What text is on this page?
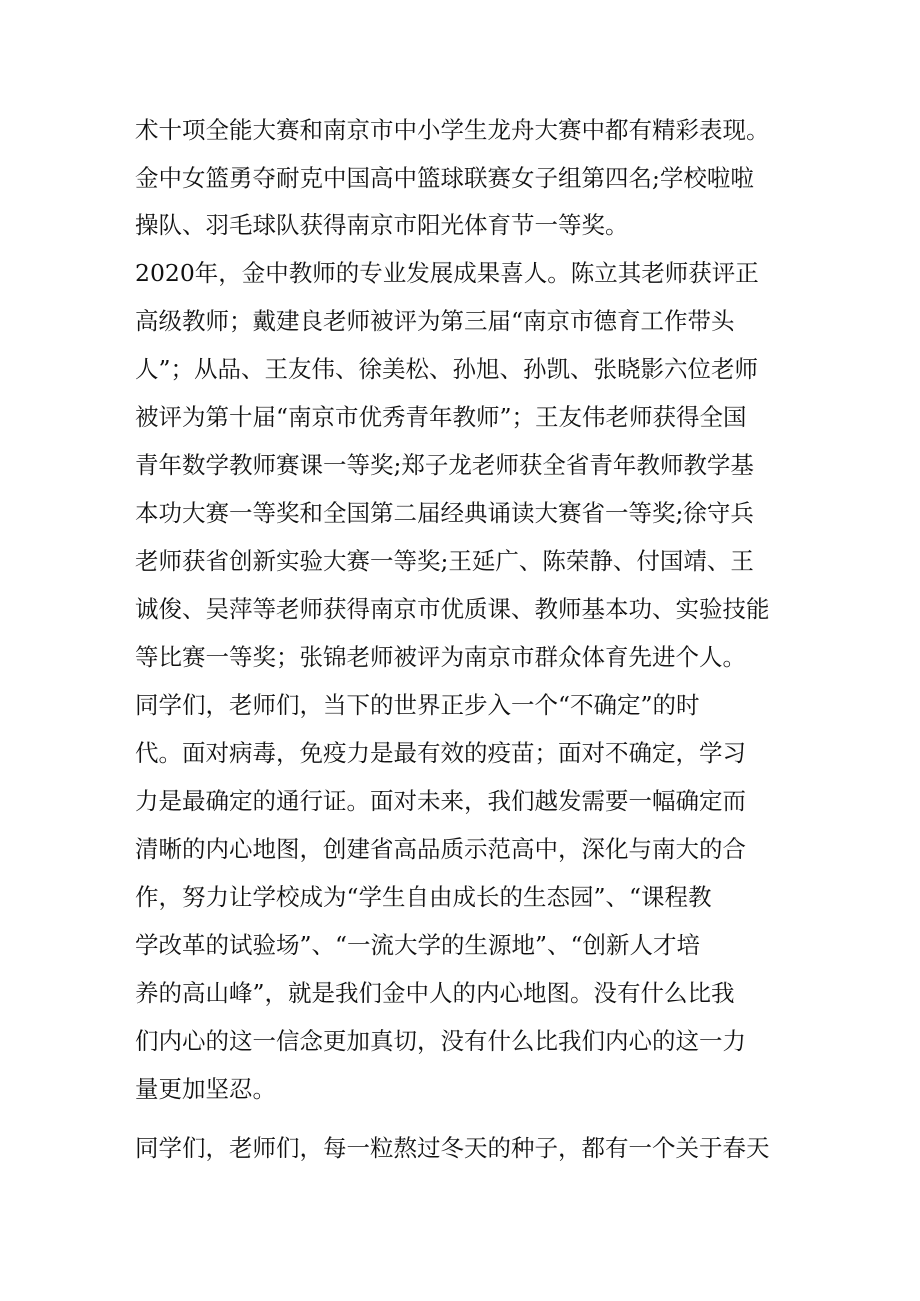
术十项全能大赛和南京市中小学生龙舟大赛中都有精彩表现。

金中女篮勇夺耐克中国高中篮球联赛女子组第四名;学校啦啦

操队、羽毛球队获得南京市阳光体育节一等奖。

2020年，金中教师的专业发展成果喜人。陈立其老师获评正

高级教师；戴建良老师被评为第三届“南京市德育工作带头

人”；从品、王友伟、徐美松、孙旭、孙凯、张晓影六位老师

被评为第十届“南京市优秀青年教师”；王友伟老师获得全国

青年数学教师赛课一等奖;郑子龙老师获全省青年教师教学基

本功大赛一等奖和全国第二届经典诵读大赛省一等奖;徐守兵

老师获省创新实验大赛一等奖;王延广、陈荣静、付国靖、王

诚俊、吴萍等老师获得南京市优质课、教师基本功、实验技能

等比赛一等奖；张锦老师被评为南京市群众体育先进个人。

同学们，老师们，当下的世界正步入一个“不确定”的时

代。面对病毒，免疫力是最有效的疫苗；面对不确定，学习

力是最确定的通行证。面对未来，我们越发需要一幅确定而

清晰的内心地图，创建省高品质示范高中，深化与南大的合

作，努力让学校成为“学生自由成长的生态园”、“课程教

学改革的试验场”、“一流大学的生源地”、“创新人才培

养的高山峰”，就是我们金中人的内心地图。没有什么比我

们内心的这一信念更加真切，没有什么比我们内心的这一力

量更加坚忍。

同学们，老师们，每一粒熬过冬天的种子，都有一个关于春天
